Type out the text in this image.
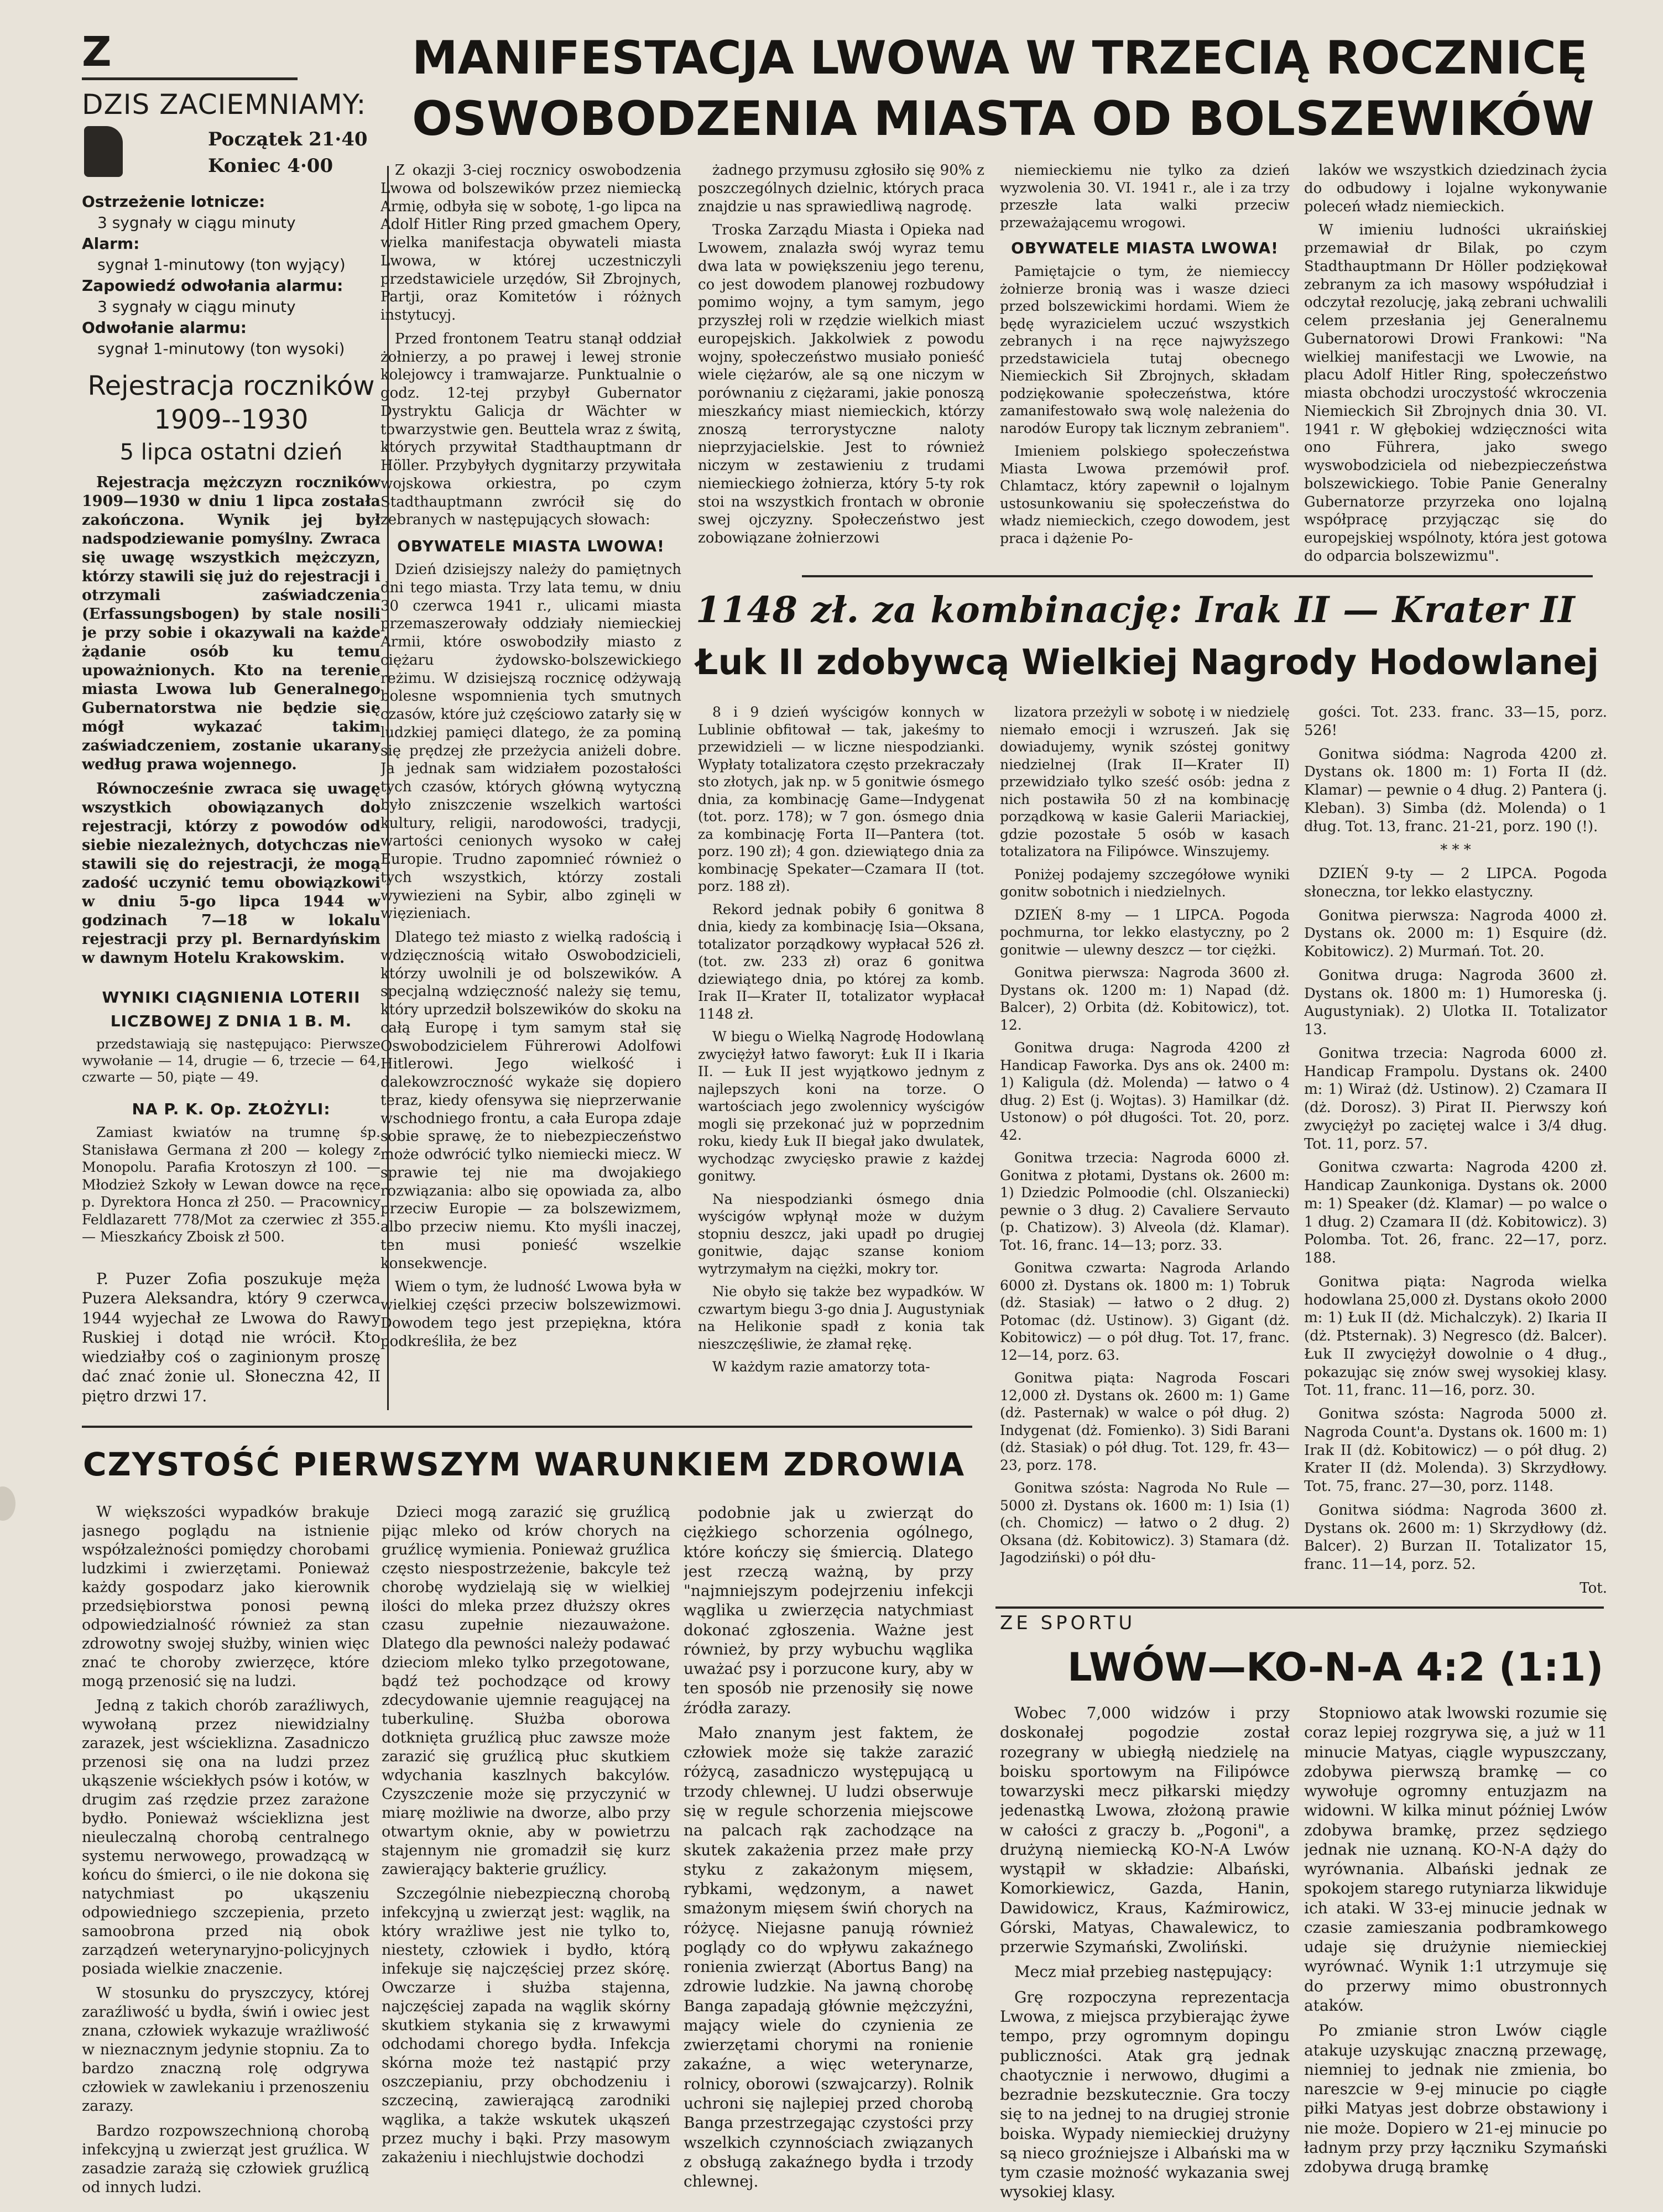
Z
DZIS ZACIEMNIAMY:
Początek 21·40
Koniec 4·00
Ostrzeżenie lotnicze:
3 sygnały w ciągu minuty
Alarm:
sygnał 1-minutowy (ton wyjący)
Zapowiedź odwołania alarmu:
3 sygnały w ciągu minuty
Odwołanie alarmu:
sygnał 1-minutowy (ton wysoki)
Rejestracja roczników
1909--1930
5 lipca ostatni dzień

Rejestracja mężczyzn roczników 1909—1930 w dniu 1 lipca została zakończona. Wynik jej był nadspodziewanie pomyślny. Zwraca się uwagę wszystkich mężczyzn, którzy stawili się już do rejestracji i otrzymali zaświadczenia (Erfassungsbogen) by stale nosili je przy sobie i okazywali na każde żądanie osób ku temu upoważnionych. Kto na terenie miasta Lwowa lub Generalnego Gubernatorstwa nie będzie się mógł wykazać takim zaświadczeniem, zostanie ukarany według prawa wojennego.

Równocześnie zwraca się uwagę wszystkich obowiązanych do rejestracji, którzy z powodów od siebie niezależnych, dotychczas nie stawili się do rejestracji, że mogą zadość uczynić temu obowiązkowi w dniu 5-go lipca 1944 w godzinach 7—18 w lokalu rejestracji przy pl. Bernardyńskim w dawnym Hotelu Krakowskim.

WYNIKI CIĄGNIENIA LOTERII
LICZBOWEJ Z DNIA 1 B. M.

przedstawiają się następująco: Pierwsze wywołanie — 14, drugie — 6, trzecie — 64, czwarte — 50, piąte — 49.

NA P. K. Op. ZŁOŻYLI:

Zamiast kwiatów na trumnę śp. Stanisława Germana zł 200 — kolegy z Monopolu. Parafia Krotoszyn zł 100. — Młodzież Szkoły w Lewan dowce na ręce p. Dyrektora Honca zł 250. — Pracownicy Feldlazarett 778/Mot za czerwiec zł 355. — Mieszkańcy Zboisk zł 500.

P. Puzer Zofia poszukuje męża Puzera Aleksandra, który 9 czerwca 1944 wyjechał ze Lwowa do Rawy Ruskiej i dotąd nie wrócił. Kto wiedziałby coś o zaginionym proszę dać znać żonie ul. Słoneczna 42, II piętro drzwi 17.

MANIFESTACJA LWOWA W TRZECIĄ ROCZNICĘ
OSWOBODZENIA MIASTA OD BOLSZEWIKÓW

Z okazji 3-ciej rocznicy oswobodzenia Lwowa od bolszewików przez niemiecką Armię, odbyła się w sobotę, 1-go lipca na Adolf Hitler Ring przed gmachem Opery, wielka manifestacja obywateli miasta Lwowa, w której uczestniczyli przedstawiciele urzędów, Sił Zbrojnych, Partji, oraz Komitetów i różnych instytucyj.

Przed frontonem Teatru stanął oddział żołnierzy, a po prawej i lewej stronie kolejowcy i tramwajarze. Punktualnie o godz. 12-tej przybył Gubernator Dystryktu Galicja dr Wächter w towarzystwie gen. Beuttela wraz z świtą, których przywitał Stadthauptmann dr Höller. Przybyłych dygnitarzy przywitała wojskowa orkiestra, po czym Stadthauptmann zwrócił się do zebranych w następujących słowach:

OBYWATELE MIASTA LWOWA!

Dzień dzisiejszy należy do pamiętnych dni tego miasta. Trzy lata temu, w dniu 30 czerwca 1941 r., ulicami miasta przemaszerowały oddziały niemieckiej Armii, które oswobodziły miasto z ciężaru żydowsko-bolszewickiego reżimu. W dzisiejszą rocznicę odżywają bolesne wspomnienia tych smutnych czasów, które już częściowo zatarły się w ludzkiej pamięci dlatego, że za pominą się prędzej złe przeżycia aniżeli dobre. Ja jednak sam widziałem pozostałości tych czasów, których główną wytyczną było zniszczenie wszelkich wartości kultury, religii, narodowości, tradycji, wartości cenionych wysoko w całej Europie. Trudno zapomnieć również o tych wszystkich, którzy zostali wywiezieni na Sybir, albo zginęli w więzieniach.

Dlatego też miasto z wielką radością i wdzięcznością witało Oswobodzicieli, którzy uwolnili je od bolszewików. A specjalną wdzięczność należy się temu, który uprzedził bolszewików do skoku na całą Europę i tym samym stał się Oswobodzicielem Führerowi Adolfowi Hitlerowi. Jego wielkość i dalekowzroczność wykaże się dopiero teraz, kiedy ofensywa się nieprzerwanie wschodniego frontu, a cała Europa zdaje sobie sprawę, że to niebezpieczeństwo może odwrócić tylko niemiecki miecz. W sprawie tej nie ma dwojakiego rozwiązania: albo się opowiada za, albo przeciw Europie — za bolszewizmem, albo przeciw niemu. Kto myśli inaczej, ten musi ponieść wszelkie konsekwencje.

Wiem o tym, że ludność Lwowa była w wielkiej części przeciw bolszewizmowi. Dowodem tego jest przepiękna, która podkreśliła, że bez

żadnego przymusu zgłosiło się 90% z poszczególnych dzielnic, których praca znajdzie u nas sprawiedliwą nagrodę.

Troska Zarządu Miasta i Opieka nad Lwowem, znalazła swój wyraz temu dwa lata w powiększeniu jego terenu, co jest dowodem planowej rozbudowy pomimo wojny, a tym samym, jego przyszłej roli w rzędzie wielkich miast europejskich. Jakkolwiek z powodu wojny, społeczeństwo musiało ponieść wiele ciężarów, ale są one niczym w porównaniu z ciężarami, jakie ponoszą mieszkańcy miast niemieckich, którzy znoszą terrorystyczne naloty nieprzyjacielskie. Jest to również niczym w zestawieniu z trudami niemieckiego żołnierza, który 5-ty rok stoi na wszystkich frontach w obronie swej ojczyzny. Społeczeństwo jest zobowiązane żołnierzowi

niemieckiemu nie tylko za dzień wyzwolenia 30. VI. 1941 r., ale i za trzy przeszłe lata walki przeciw przeważającemu wrogowi.

OBYWATELE MIASTA LWOWA!

Pamiętajcie o tym, że niemieccy żołnierze bronią was i wasze dzieci przed bolszewickimi hordami. Wiem że będę wyrazicielem uczuć wszystkich zebranych i na ręce najwyższego przedstawiciela tutaj obecnego Niemieckich Sił Zbrojnych, składam podziękowanie społeczeństwa, które zamanifestowało swą wolę należenia do narodów Europy tak licznym zebraniem".

Imieniem polskiego społeczeństwa Miasta Lwowa przemówił prof. Chlamtacz, który zapewnił o lojalnym ustosunkowaniu się społeczeństwa do władz niemieckich, czego dowodem, jest praca i dążenie Po-

laków we wszystkich dziedzinach życia do odbudowy i lojalne wykonywanie poleceń władz niemieckich.

W imieniu ludności ukraińskiej przemawiał dr Bilak, po czym Stadthauptmann Dr Höller podziękował zebranym za ich masowy współudział i odczytał rezolucję, jaką zebrani uchwalili celem przesłania jej Generalnemu Gubernatorowi Drowi Frankowi: "Na wielkiej manifestacji we Lwowie, na placu Adolf Hitler Ring, społeczeństwo miasta obchodzi uroczystość wkroczenia Niemieckich Sił Zbrojnych dnia 30. VI. 1941 r. W głębokiej wdzięczności wita ono Führera, jako swego wyswobodziciela od niebezpieczeństwa bolszewickiego. Tobie Panie Generalny Gubernatorze przyrzeka ono lojalną współpracę przyjącząc się do europejskiej wspólnoty, która jest gotowa do odparcia bolszewizmu".

1148 zł. za kombinację: Irak II — Krater II
Łuk II zdobywcą Wielkiej Nagrody Hodowlanej

8 i 9 dzień wyścigów konnych w Lublinie obfitował — tak, jakeśmy to przewidzieli — w liczne niespodzianki. Wypłaty totalizatora często przekraczały sto złotych, jak np. w 5 gonitwie ósmego dnia, za kombinację Game—Indygenat (tot. porz. 178); w 7 gon. ósmego dnia za kombinację Forta II—Pantera (tot. porz. 190 zł); 4 gon. dziewiątego dnia za kombinację Spekater—Czamara II (tot. porz. 188 zł).

Rekord jednak pobiły 6 gonitwa 8 dnia, kiedy za kombinację Isia—Oksana, totalizator porządkowy wypłacał 526 zł. (tot. zw. 233 zł) oraz 6 gonitwa dziewiątego dnia, po której za komb. Irak II—Krater II, totalizator wypłacał 1148 zł.

W biegu o Wielką Nagrodę Hodowlaną zwyciężył łatwo faworyt: Łuk II i Ikaria II. — Łuk II jest wyjątkowo jednym z najlepszych koni na torze. O wartościach jego zwolennicy wyścigów mogli się przekonać już w poprzednim roku, kiedy Łuk II biegał jako dwulatek, wychodząc zwycięsko prawie z każdej gonitwy.

Na niespodzianki ósmego dnia wyścigów wpłynął może w dużym stopniu deszcz, jaki upadł po drugiej gonitwie, dając szanse koniom wytrzymałym na ciężki, mokry tor.

Nie obyło się także bez wypadków. W czwartym biegu 3-go dnia J. Augustyniak na Helikonie spadł z konia tak nieszczęśliwie, że złamał rękę.

W każdym razie amatorzy tota-

lizatora przeżyli w sobotę i w niedzielę niemało emocji i wzruszeń. Jak się dowiadujemy, wynik szóstej gonitwy niedzielnej (Irak II—Krater II) przewidziało tylko sześć osób: jedna z nich postawiła 50 zł na kombinację porządkową w kasie Galerii Mariackiej, gdzie pozostałe 5 osób w kasach totalizatora na Filipówce. Winszujemy.

Poniżej podajemy szczegółowe wyniki gonitw sobotnich i niedzielnych.

DZIEŃ 8-my — 1 LIPCA. Pogoda pochmurna, tor lekko elastyczny, po 2 gonitwie — ulewny deszcz — tor ciężki.

Gonitwa pierwsza: Nagroda 3600 zł. Dystans ok. 1200 m: 1) Napad (dż. Balcer), 2) Orbita (dż. Kobitowicz), tot. 12.

Gonitwa druga: Nagroda 4200 zł Handicap Faworka. Dys ans ok. 2400 m: 1) Kaligula (dż. Molenda) — łatwo o 4 dług. 2) Est (j. Wojtas). 3) Hamilkar (dż. Ustonow) o pół długości. Tot. 20, porz. 42.

Gonitwa trzecia: Nagroda 6000 zł. Gonitwa z płotami, Dystans ok. 2600 m: 1) Dziedzic Polmoodie (chl. Olszaniecki) pewnie o 3 dług. 2) Cavaliere Servauto (p. Chatizow). 3) Alveola (dż. Klamar). Tot. 16, franc. 14—13; porz. 33.

Gonitwa czwarta: Nagroda Arlando 6000 zł. Dystans ok. 1800 m: 1) Tobruk (dż. Stasiak) — łatwo o 2 dług. 2) Potomac (dż. Ustinow). 3) Gigant (dż. Kobitowicz) — o pół dług. Tot. 17, franc. 12—14, porz. 63.

Gonitwa piąta: Nagroda Foscari 12,000 zł. Dystans ok. 2600 m: 1) Game (dż. Pasternak) w walce o pół dług. 2) Indygenat (dż. Fomienko). 3) Sidi Barani (dż. Stasiak) o pół dług. Tot. 129, fr. 43—23, porz. 178.

Gonitwa szósta: Nagroda No Rule — 5000 zł. Dystans ok. 1600 m: 1) Isia (1) (ch. Chomicz) — łatwo o 2 dług. 2) Oksana (dż. Kobitowicz). 3) Stamara (dż. Jagodziński) o pół dłu-

gości. Tot. 233. franc. 33—15, porz. 526!

Gonitwa siódma: Nagroda 4200 zł. Dystans ok. 1800 m: 1) Forta II (dż. Klamar) — pewnie o 4 dług. 2) Pantera (j. Kleban). 3) Simba (dż. Molenda) o 1 dług. Tot. 13, franc. 21-21, porz. 190 (!).

* * *

DZIEŃ 9-ty — 2 LIPCA. Pogoda słoneczna, tor lekko elastyczny.

Gonitwa pierwsza: Nagroda 4000 zł. Dystans ok. 2000 m: 1) Esquire (dż. Kobitowicz). 2) Murmań. Tot. 20.

Gonitwa druga: Nagroda 3600 zł. Dystans ok. 1800 m: 1) Humoreska (j. Augustyniak). 2) Ulotka II. Totalizator 13.

Gonitwa trzecia: Nagroda 6000 zł. Handicap Frampolu. Dystans ok. 2400 m: 1) Wiraż (dż. Ustinow). 2) Czamara II (dż. Dorosz). 3) Pirat II. Pierwszy koń zwyciężył po zaciętej walce i 3/4 dług. Tot. 11, porz. 57.

Gonitwa czwarta: Nagroda 4200 zł. Handicap Zaunkoniga. Dystans ok. 2000 m: 1) Speaker (dż. Klamar) — po walce o 1 dług. 2) Czamara II (dż. Kobitowicz). 3) Polomba. Tot. 26, franc. 22—17, porz. 188.

Gonitwa piąta: Nagroda wielka hodowlana 25,000 zł. Dystans około 2000 m: 1) Łuk II (dż. Michalczyk). 2) Ikaria II (dż. Ptsternak). 3) Negresco (dż. Balcer). Łuk II zwyciężył dowolnie o 4 dług., pokazując się znów swej wysokiej klasy. Tot. 11, franc. 11—16, porz. 30.

Gonitwa szósta: Nagroda 5000 zł. Nagroda Count'a. Dystans ok. 1600 m: 1) Irak II (dż. Kobitowicz) — o pół dług. 2) Krater II (dż. Molenda). 3) Skrzydłowy. Tot. 75, franc. 27—30, porz. 1148.

Gonitwa siódma: Nagroda 3600 zł. Dystans ok. 2600 m: 1) Skrzydłowy (dż. Balcer). 2) Burzan II. Totalizator 15, franc. 11—14, porz. 52.

Tot.

CZYSTOŚĆ PIERWSZYM WARUNKIEM ZDROWIA

W większości wypadków brakuje jasnego poglądu na istnienie współzależności pomiędzy chorobami ludzkimi i zwierzętami. Ponieważ każdy gospodarz jako kierownik przedsiębiorstwa ponosi pewną odpowiedzialność również za stan zdrowotny swojej służby, winien więc znać te choroby zwierzęce, które mogą przenosić się na ludzi.

Jedną z takich chorób zaraźliwych, wywołaną przez niewidzialny zarazek, jest wścieklizna. Zasadniczo przenosi się ona na ludzi przez ukąszenie wściekłych psów i kotów, w drugim zaś rzędzie przez zarażone bydło. Ponieważ wścieklizna jest nieuleczalną chorobą centralnego systemu nerwowego, prowadzącą w końcu do śmierci, o ile nie dokona się natychmiast po ukąszeniu odpowiedniego szczepienia, przeto samoobrona przed nią obok zarządzeń weterynaryjno-policyjnych posiada wielkie znaczenie.

W stosunku do pryszczycy, której zaraźliwość u bydła, świń i owiec jest znana, człowiek wykazuje wrażliwość w nieznacznym jedynie stopniu. Za to bardzo znaczną rolę odgrywa człowiek w zawlekaniu i przenoszeniu zarazy.

Bardzo rozpowszechnioną chorobą infekcyjną u zwierząt jest gruźlica. W zasadzie zarażą się człowiek gruźlicą od innych ludzi.

Dzieci mogą zarazić się gruźlicą pijąc mleko od krów chorych na gruźlicę wymienia. Ponieważ gruźlica często niespostrzeżenie, bakcyle też chorobę wydzielają się w wielkiej ilości do mleka przez dłuższy okres czasu zupełnie niezauważone. Dlatego dla pewności należy podawać dzieciom mleko tylko przegotowane, bądź też pochodzące od krowy zdecydowanie ujemnie reagującej na tuberkulinę. Służba oborowa dotknięta gruźlicą płuc zawsze może zarazić się gruźlicą płuc skutkiem wdychania kaszlnych bakcylów. Czyszczenie może się przyczynić w miarę możliwie na dworze, albo przy otwartym oknie, aby w powietrzu stajennym nie gromadził się kurz zawierający bakterie gruźlicy.

Szczególnie niebezpieczną chorobą infekcyjną u zwierząt jest: wąglik, na który wrażliwe jest nie tylko to, niestety, człowiek i bydło, którą infekuje się najczęściej przez skórę. Owczarze i służba stajenna, najczęściej zapada na wąglik skórny skutkiem stykania się z krwawymi odchodami chorego bydła. Infekcja skórna może też nastąpić przy oszczepianiu, przy obchodzeniu i szczeciną, zawierającą zarodniki wąglika, a także wskutek ukąszeń przez muchy i bąki. Przy masowym zakażeniu i niechlujstwie dochodzi

podobnie jak u zwierząt do ciężkiego schorzenia ogólnego, które kończy się śmiercią. Dlatego jest rzeczą ważną, by przy "najmniejszym podejrzeniu infekcji wąglika u zwierzęcia natychmiast dokonać zgłoszenia. Ważne jest również, by przy wybuchu wąglika uważać psy i porzucone kury, aby w ten sposób nie przenosiły się nowe źródła zarazy.

Mało znanym jest faktem, że człowiek może się także zarazić różycą, zasadniczo występującą u trzody chlewnej. U ludzi obserwuje się w regule schorzenia miejscowe na palcach rąk zachodzące na skutek zakażenia przez małe przy styku z zakażonym mięsem, rybkami, wędzonym, a nawet smażonym mięsem świń chorych na różycę. Niejasne panują również poglądy co do wpływu zakaźnego ronienia zwierząt (Abortus Bang) na zdrowie ludzkie. Na jawną chorobę Banga zapadają głównie mężczyźni, mający wiele do czynienia ze zwierzętami chorymi na ronienie zakaźne, a więc weterynarze, rolnicy, oborowi (szwajcarzy). Rolnik uchroni się najlepiej przed chorobą Banga przestrzegając czystości przy wszelkich czynnościach związanych z obsługą zakaźnego bydła i trzody chlewnej.

ZE SPORTU
LWÓW—KO-N-A 4:2 (1:1)

Wobec 7,000 widzów i przy doskonałej pogodzie został rozegrany w ubiegłą niedzielę na boisku sportowym na Filipówce towarzyski mecz piłkarski między jedenastką Lwowa, złożoną prawie w całości z graczy b. „Pogoni", a drużyną niemiecką KO-N-A Lwów wystąpił w składzie: Albański, Komorkiewicz, Gazda, Hanin, Dawidowicz, Kraus, Kaźmirowicz, Górski, Matyas, Chawalewicz, to przerwie Szymański, Zwoliński.

Mecz miał przebieg następujący:

Grę rozpoczyna reprezentacja Lwowa, z miejsca przybierając żywe tempo, przy ogromnym dopingu publiczności. Atak grą jednak chaotycznie i nerwowo, długimi a bezradnie bezskutecznie. Gra toczy się to na jednej to na drugiej stronie boiska. Wypady niemieckiej drużyny są nieco groźniejsze i Albański ma w tym czasie możność wykazania swej wysokiej klasy.

Stopniowo atak lwowski rozumie się coraz lepiej rozgrywa się, a już w 11 minucie Matyas, ciągle wypuszczany, zdobywa pierwszą bramkę — co wywołuje ogromny entuzjazm na widowni. W kilka minut później Lwów zdobywa bramkę, przez sędziego jednak nie uznaną. KO-N-A dąży do wyrównania. Albański jednak ze spokojem starego rutyniarza likwiduje ich ataki. W 33-ej minucie jednak w czasie zamieszania podbramkowego udaje się drużynie niemieckiej wyrównać. Wynik 1:1 utrzymuje się do przerwy mimo obustronnych ataków.

Po zmianie stron Lwów ciągle atakuje uzyskując znaczną przewagę, niemniej to jednak nie zmienia, bo nareszcie w 9-ej minucie po ciągłe piłki Matyas jest dobrze obstawiony i nie może. Dopiero w 21-ej minucie po ładnym przy przy łączniku Szymański zdobywa drugą bramkę
